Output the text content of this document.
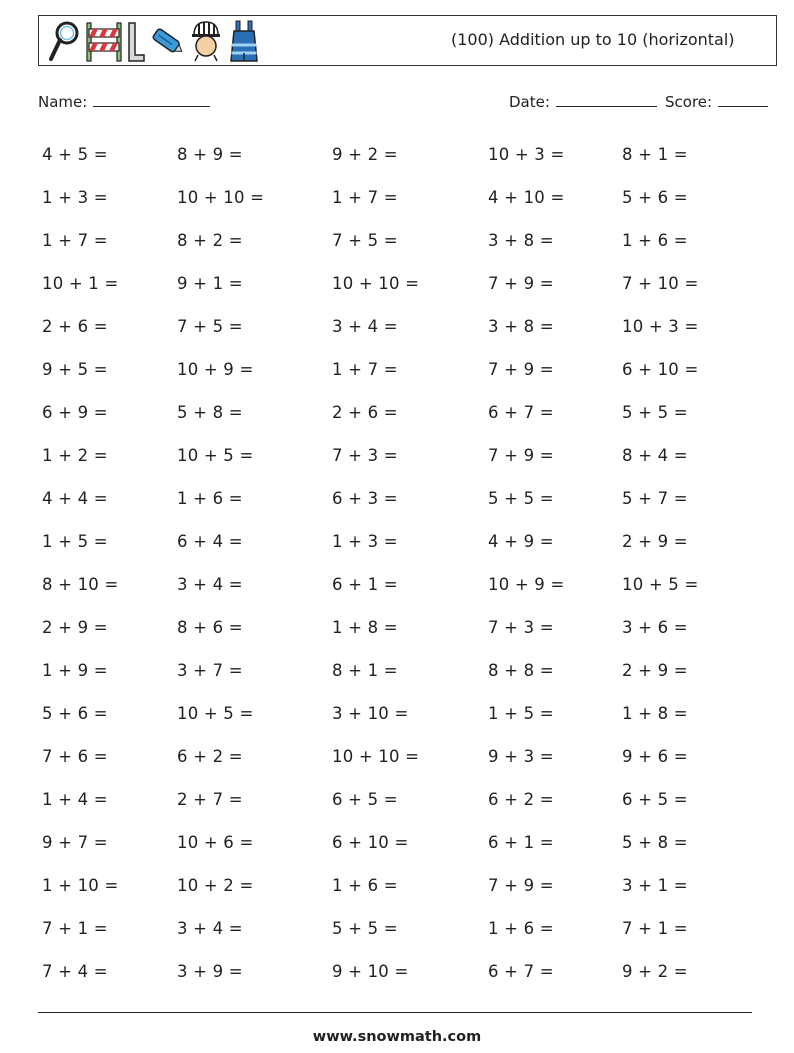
(100) Addition up to 10 (horizontal)
Name:	Date:	Score:
4 + 5 =	8 + 9 =	9 + 2 =	10 + 3 =	8 + 1 =
1 + 3 =	10 + 10 =	1 + 7 =	4 + 10 =	5 + 6 =
1 + 7 =	8 + 2 =	7 + 5 =	3 + 8 =	1 + 6 =
10 + 1 =	9 + 1 =	10 + 10 =	7 + 9 =	7 + 10 =
2 + 6 =	7 + 5 =	3 + 4 =	3 + 8 =	10 + 3 =
9 + 5 =	10 + 9 =	1 + 7 =	7 + 9 =	6 + 10 =
6 + 9 =	5 + 8 =	2 + 6 =	6 + 7 =	5 + 5 =
1 + 2 =	10 + 5 =	7 + 3 =	7 + 9 =	8 + 4 =
4 + 4 =	1 + 6 =	6 + 3 =	5 + 5 =	5 + 7 =
1 + 5 =	6 + 4 =	1 + 3 =	4 + 9 =	2 + 9 =
8 + 10 =	3 + 4 =	6 + 1 =	10 + 9 =	10 + 5 =
2 + 9 =	8 + 6 =	1 + 8 =	7 + 3 =	3 + 6 =
1 + 9 =	3 + 7 =	8 + 1 =	8 + 8 =	2 + 9 =
5 + 6 =	10 + 5 =	3 + 10 =	1 + 5 =	1 + 8 =
7 + 6 =	6 + 2 =	10 + 10 =	9 + 3 =	9 + 6 =
1 + 4 =	2 + 7 =	6 + 5 =	6 + 2 =	6 + 5 =
9 + 7 =	10 + 6 =	6 + 10 =	6 + 1 =	5 + 8 =
1 + 10 =	10 + 2 =	1 + 6 =	7 + 9 =	3 + 1 =
7 + 1 =	3 + 4 =	5 + 5 =	1 + 6 =	7 + 1 =
7 + 4 =	3 + 9 =	9 + 10 =	6 + 7 =	9 + 2 =
www.snowmath.com
